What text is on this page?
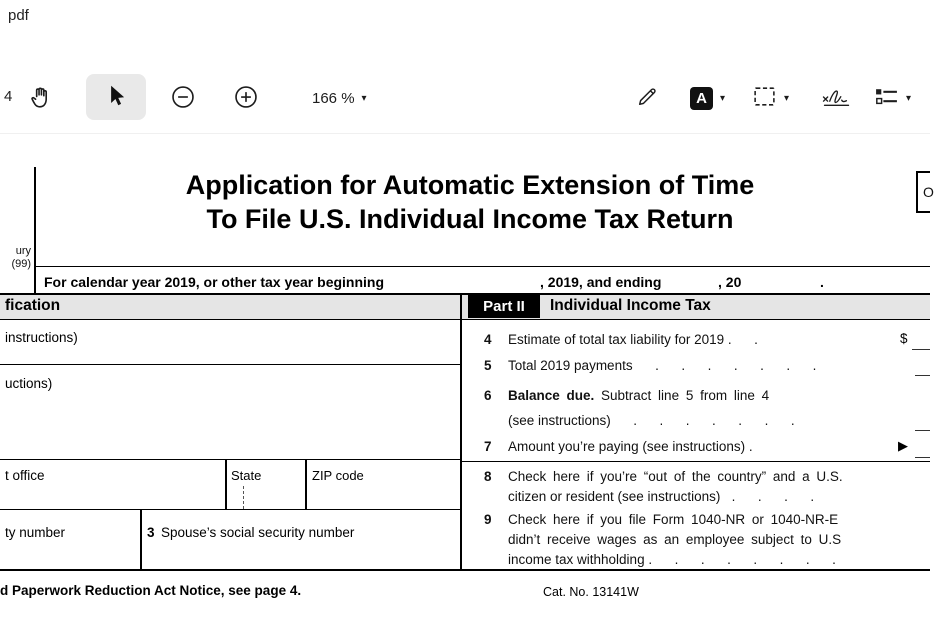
pdf
4	166 % ▾	A ▾	▾	▾
O
Application for Automatic Extension of Time
To File U.S. Individual Income Tax Return
ury
(99)
For calendar year 2019, or other tax year beginning	, 2019, and ending	, 20	.
fication	Part II Individual Income Tax
instructions)
uctions)
t office	State	ZIP code
ty number	3 Spouse’s social security number
4	Estimate of total tax liability for 2019 .      .	$
5	Total 2019 payments      .      .      .      .      .      .      .
6	Balance due. Subtract line 5 from line 4
(see instructions)      .      .      .      .      .      .      .
7	Amount you’re paying (see instructions) .	▶
8	Check here if you’re “out of the country” and a U.S.
citizen or resident (see instructions)   .      .      .      .
9	Check here if you file Form 1040-NR or 1040-NR-E
didn’t receive wages as an employee subject to U.S
income tax withholding .      .      .      .      .      .      .      .
d Paperwork Reduction Act Notice, see page 4.	Cat. No. 13141W
